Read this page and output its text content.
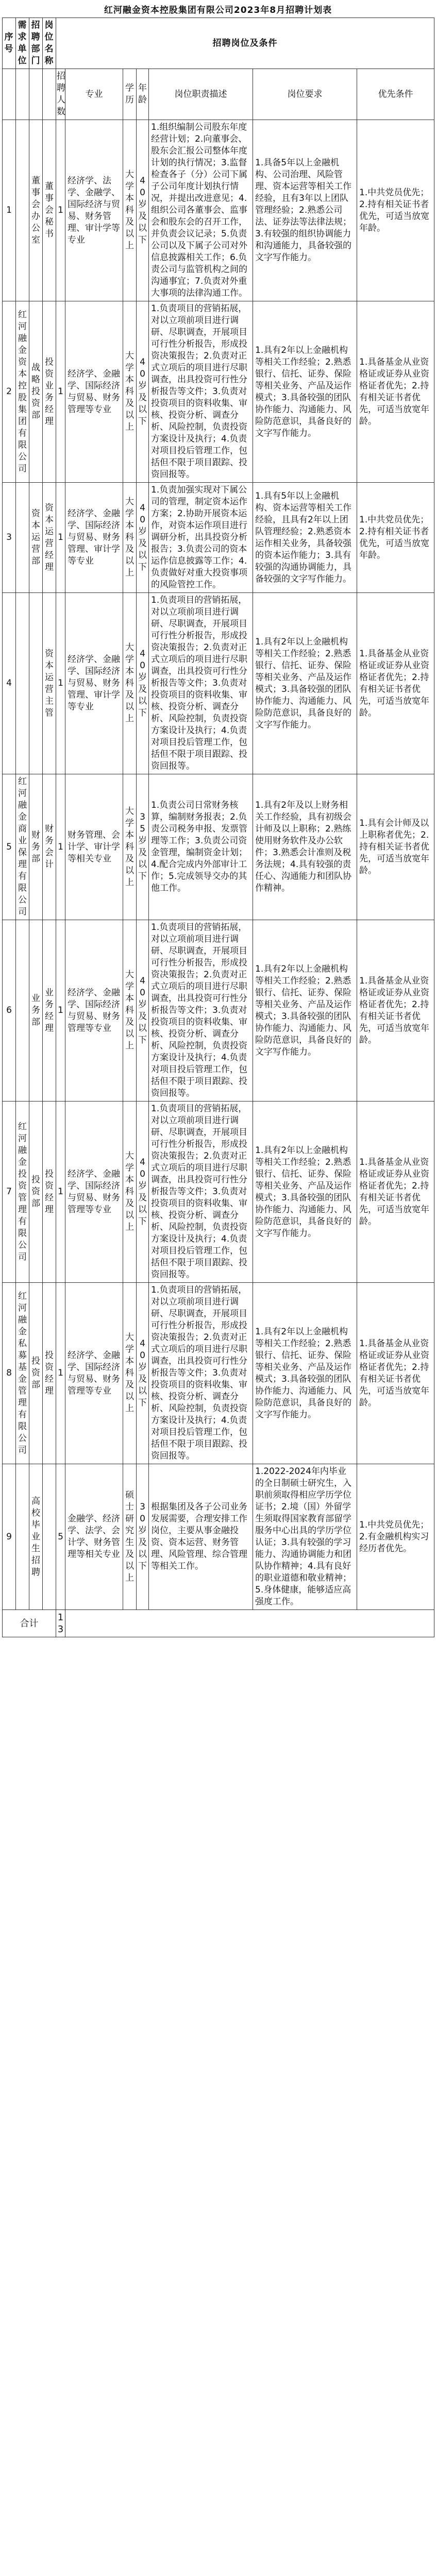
红河融金资本控股集团有限公司2023年8月招聘计划表
序号	需求单位	招聘部门	岗位名称	招聘岗位及条件						
				招聘人数	专业	学历	年龄	岗位职责描述	岗位要求	优先条件
1		董事会办公室	董事会秘书	1	经济学、法学、金融学、国际经济与贸易、财务管理、审计学等专业	大学本科及以上	40岁及以下	1.组织编制公司股东年度经营计划；2.向董事会、股东会汇报公司整体年度计划的执行情况；3.监督检查各子（分）公司下属子公司年度计划执行情况，并提出改进意见；4.组织公司各董事会、监事会和股东会的召开工作，并负责会议记录；5.负责公司以及下属子公司对外信息披露相关工作；6.负责公司与监管机构之间的沟通事宜；7.负责对外重大事项的法律沟通工作。	1.具备5年以上金融机构、公司治理、风险管理、资本运营等相关工作经验，且有3年以上团队管理经验；2.熟悉公司法、证券法等法律法规；3.有较强的组织协调能力和沟通能力，具备较强的文字写作能力。	1.中共党员优先；2.持有相关证书者优先，可适当放宽年龄。
2	红河融金资本控股集团有限公司	战略投资部	投资业务经理	1	经济学、金融学、国际经济与贸易、财务管理等专业	大学本科及以上	40岁及以下	1.负责项目的营销拓展，对以立项前项目进行调研、尽职调查，开展项目可行性分析报告，形成投资决策报告；2.负责对正式立项后的项目进行尽职调查，出具投资可行性分析报告等文件；3.负责对投资项目的资料收集、审核、投资分析、调查分析、风险控制，负责投资方案设计及执行；4.负责对项目投后管理工作，包括但不限于项目跟踪、投资回报等。	1.具有2年以上金融机构等相关工作经验；2.熟悉银行、信托、证券、保险等相关业务、产品及运作模式；3.具备较强的团队协作能力、沟通能力、风险防范意识，具备良好的文字写作能力。	1.具备基金从业资格证或证券从业资格证者优先；2.持有相关证书者优先，可适当放宽年龄。
3		资本运营部	资本运营经理	1	经济学、金融学、国际经济与贸易、财务管理、审计学等专业	大学本科及以上	40岁及以下	1.负责加强实现对下属公司的管理，制定资本运作方案；2.协助开展资本运作，对资本运作项目进行调研分析，出具投资分析报告；3.负责公司的资本运作信息披露等工作；4.负责做好对重大投资事项的风险管控工作。	1.具有5年以上金融机构、资本运营等相关工作经验，且具有2年以上团队管理经验；2.熟悉资本运作相关业务，具备较强的资本运作能力；3.具有较强的沟通协调能力，具备较强的文字写作能力。	1.中共党员优先；2.持有相关证书者优先，可适当放宽年龄。
4			资本运营主管	1	经济学、金融学、国际经济与贸易、财务管理、审计学等专业	大学本科及以上	40岁及以下	1.负责项目的营销拓展，对以立项前项目进行调研、尽职调查，开展项目可行性分析报告，形成投资决策报告；2.负责对正式立项后的项目进行尽职调查，出具投资可行性分析报告等文件；3.负责对投资项目的资料收集、审核、投资分析、调查分析、风险控制，负责投资方案设计及执行；4.负责对项目投后管理工作，包括但不限于项目跟踪、投资回报等。	1.具有2年以上金融机构等相关工作经验；2.熟悉银行、信托、证券、保险等相关业务、产品及运作模式；3.具备较强的团队协作能力、沟通能力、风险防范意识，具备良好的文字写作能力。	1.具备基金从业资格证或证券从业资格证者优先；2.持有相关证书者优先，可适当放宽年龄。
5	红河融金商业保理有限公司	财务部	财务会计	1	财务管理、会计学、审计学等相关专业	大学本科及以上	35岁及以下	1.负责公司日常财务核算，编制财务报表；2.负责公司税务申报、发票管理等工作；3.负责公司资金管理，编制资金计划；4.配合完成内外部审计工作；5.完成领导交办的其他工作。	1.具有2年及以上财务相关工作经验，具有初级会计师及以上职称；2.熟练使用财务软件及办公软件；3.熟悉会计准则及税务法规；4.具有较强的责任心、沟通能力和团队协作精神。	1.具有会计师及以上职称者优先；2.持有相关证书者优先，可适当放宽年龄。
6		业务部	业务经理	1	经济学、金融学、国际经济与贸易、财务管理等专业	大学本科及以上	40岁及以下	1.负责项目的营销拓展，对以立项前项目进行调研、尽职调查，开展项目可行性分析报告，形成投资决策报告；2.负责对正式立项后的项目进行尽职调查，出具投资可行性分析报告等文件；3.负责对投资项目的资料收集、审核、投资分析、调查分析、风险控制，负责投资方案设计及执行；4.负责对项目投后管理工作，包括但不限于项目跟踪、投资回报等。	1.具有2年以上金融机构等相关工作经验；2.熟悉银行、信托、证券、保险等相关业务、产品及运作模式；3.具备较强的团队协作能力、沟通能力、风险防范意识，具备良好的文字写作能力。	1.具备基金从业资格证或证券从业资格证者优先；2.持有相关证书者优先，可适当放宽年龄。
7	红河融金投资管理有限公司	投资部	投资经理	1	经济学、金融学、国际经济与贸易、财务管理等专业	大学本科及以上	40岁及以下	1.负责项目的营销拓展，对以立项前项目进行调研、尽职调查，开展项目可行性分析报告，形成投资决策报告；2.负责对正式立项后的项目进行尽职调查，出具投资可行性分析报告等文件；3.负责对投资项目的资料收集、审核、投资分析、调查分析、风险控制，负责投资方案设计及执行；4.负责对项目投后管理工作，包括但不限于项目跟踪、投资回报等。	1.具有2年以上金融机构等相关工作经验；2.熟悉银行、信托、证券、保险等相关业务、产品及运作模式；3.具备较强的团队协作能力、沟通能力、风险防范意识，具备良好的文字写作能力。	1.具备基金从业资格证或证券从业资格证者优先；2.持有相关证书者优先，可适当放宽年龄。
8	红河融金私募基金管理有限公司	投资部	投资经理	1	经济学、金融学、国际经济与贸易、财务管理等专业	大学本科及以上	40岁及以下	1.负责项目的营销拓展，对以立项前项目进行调研、尽职调查，开展项目可行性分析报告，形成投资决策报告；2.负责对正式立项后的项目进行尽职调查，出具投资可行性分析报告等文件；3.负责对投资项目的资料收集、审核、投资分析、调查分析、风险控制，负责投资方案设计及执行；4.负责对项目投后管理工作，包括但不限于项目跟踪、投资回报等。	1.具有2年以上金融机构等相关工作经验；2.熟悉银行、信托、证券、保险等相关业务、产品及运作模式；3.具备较强的团队协作能力、沟通能力、风险防范意识，具备良好的文字写作能力。	1.具备基金从业资格证或证券从业资格证者优先；2.持有相关证书者优先，可适当放宽年龄。
9		高校毕业生招聘		5	金融学、经济学、法学、会计学、财务管理等相关专业	硕士研究生及以上	30岁及以下	根据集团及各子公司业务发展需要，合理安排工作岗位，主要从事金融投资、资本运营、财务管理、风险管理、综合管理等相关工作。	1.2022-2024年内毕业的全日制硕士研究生，入职前须取得相应学历学位证书；2.境（国）外留学生须取得国家教育部留学服务中心出具的学历学位认证；3.具有较强的学习能力、沟通协调能力和团队协作精神；4.具有良好的职业道德和敬业精神；5.身体健康，能够适应高强度工作。	1.中共党员优先；2.有金融机构实习经历者优先。
合计				13						
